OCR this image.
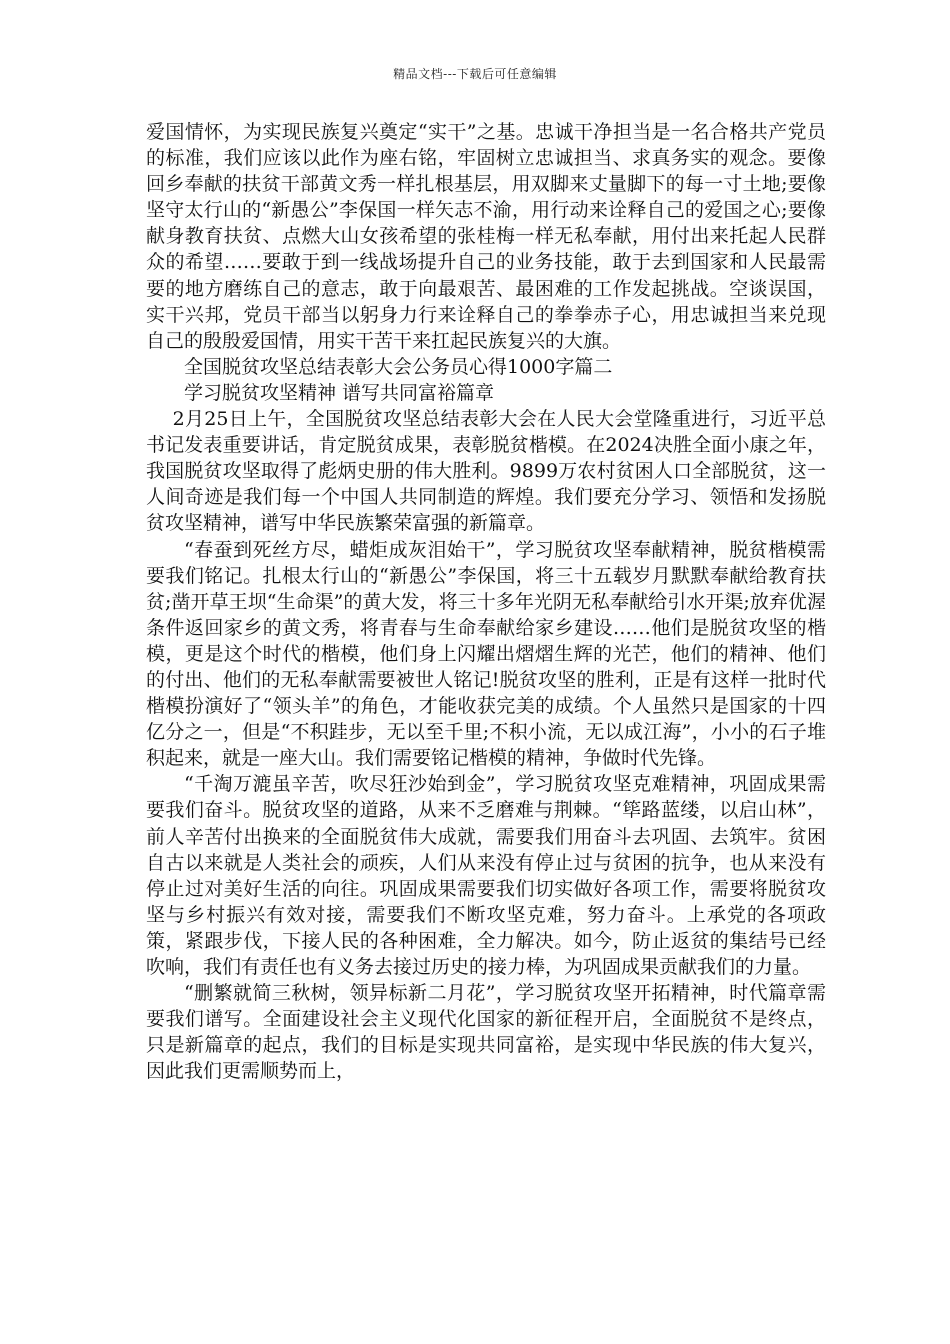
精品文档---下载后可任意编辑

爱国情怀，为实现民族复兴奠定“实干”之基。忠诚干净担当是一名合格共产党员的标准，我们应该以此作为座右铭，牢固树立忠诚担当、求真务实的观念。要像回乡奉献的扶贫干部黄文秀一样扎根基层，用双脚来丈量脚下的每一寸土地;要像坚守太行山的“新愚公”李保国一样矢志不渝，用行动来诠释自己的爱国之心;要像献身教育扶贫、点燃大山女孩希望的张桂梅一样无私奉献，用付出来托起人民群众的希望……要敢于到一线战场提升自己的业务技能，敢于去到国家和人民最需要的地方磨练自己的意志，敢于向最艰苦、最困难的工作发起挑战。空谈误国，实干兴邦，党员干部当以躬身力行来诠释自己的拳拳赤子心，用忠诚担当来兑现自己的殷殷爱国情，用实干苦干来扛起民族复兴的大旗。

全国脱贫攻坚总结表彰大会公务员心得1000字篇二

学习脱贫攻坚精神 谱写共同富裕篇章

2月25日上午，全国脱贫攻坚总结表彰大会在人民大会堂隆重进行，习近平总书记发表重要讲话，肯定脱贫成果，表彰脱贫楷模。在2024决胜全面小康之年，我国脱贫攻坚取得了彪炳史册的伟大胜利。9899万农村贫困人口全部脱贫，这一人间奇迹是我们每一个中国人共同制造的辉煌。我们要充分学习、领悟和发扬脱贫攻坚精神，谱写中华民族繁荣富强的新篇章。

“春蚕到死丝方尽，蜡炬成灰泪始干”，学习脱贫攻坚奉献精神，脱贫楷模需要我们铭记。扎根太行山的“新愚公”李保国，将三十五载岁月默默奉献给教育扶贫;凿开草王坝“生命渠”的黄大发，将三十多年光阴无私奉献给引水开渠;放弃优渥条件返回家乡的黄文秀，将青春与生命奉献给家乡建设……他们是脱贫攻坚的楷模，更是这个时代的楷模，他们身上闪耀出熠熠生辉的光芒，他们的精神、他们的付出、他们的无私奉献需要被世人铭记!脱贫攻坚的胜利，正是有这样一批时代楷模扮演好了“领头羊”的角色，才能收获完美的成绩。个人虽然只是国家的十四亿分之一，但是“不积跬步，无以至千里;不积小流，无以成江海”，小小的石子堆积起来，就是一座大山。我们需要铭记楷模的精神，争做时代先锋。

“千淘万漉虽辛苦，吹尽狂沙始到金”，学习脱贫攻坚克难精神，巩固成果需要我们奋斗。脱贫攻坚的道路，从来不乏磨难与荆棘。“筚路蓝缕，以启山林”，前人辛苦付出换来的全面脱贫伟大成就，需要我们用奋斗去巩固、去筑牢。贫困自古以来就是人类社会的顽疾，人们从来没有停止过与贫困的抗争，也从来没有停止过对美好生活的向往。巩固成果需要我们切实做好各项工作，需要将脱贫攻坚与乡村振兴有效对接，需要我们不断攻坚克难，努力奋斗。上承党的各项政策，紧跟步伐，下接人民的各种困难，全力解决。如今，防止返贫的集结号已经吹响，我们有责任也有义务去接过历史的接力棒，为巩固成果贡献我们的力量。

“删繁就简三秋树，领异标新二月花”，学习脱贫攻坚开拓精神，时代篇章需要我们谱写。全面建设社会主义现代化国家的新征程开启，全面脱贫不是终点，只是新篇章的起点，我们的目标是实现共同富裕，是实现中华民族的伟大复兴，因此我们更需顺势而上，
